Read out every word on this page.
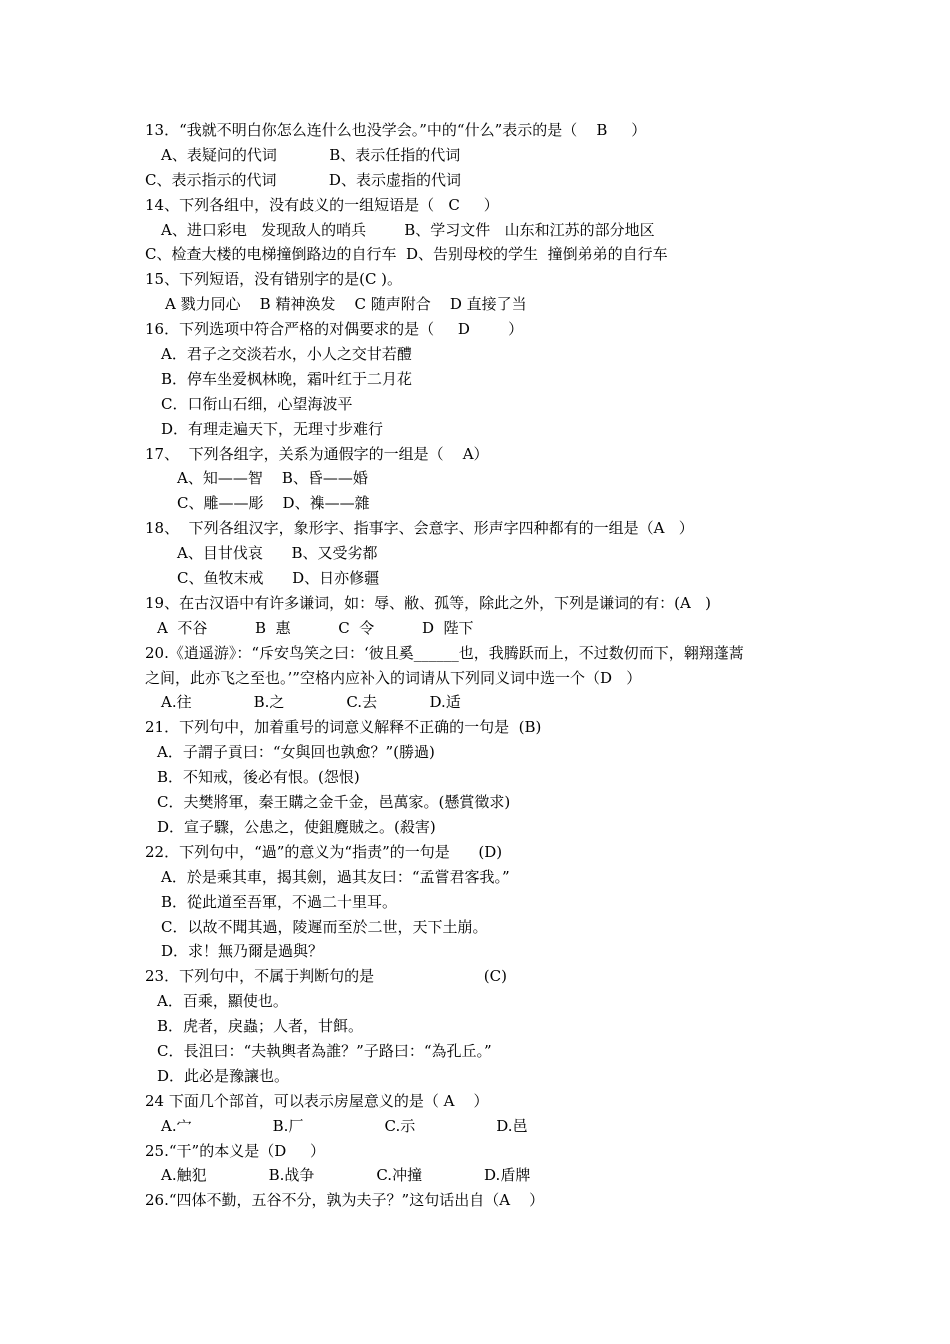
13．“我就不明白你怎么连什么也没学会。”中的“什么”表示的是（    B     ）
A、表疑问的代词           B、表示任指的代词
C、表示指示的代词           D、表示虚指的代词
14、下列各组中，没有歧义的一组短语是（   C     ）
A、进口彩电   发现敌人的哨兵        B、学习文件   山东和江苏的部分地区
C、检查大楼的电梯撞倒路边的自行车  D、告别母校的学生  撞倒弟弟的自行车
15、下列短语，没有错别字的是(C )。
A 戮力同心    B 精神涣发    C 随声附合    D 直接了当
16．下列选项中符合严格的对偶要求的是（     D        ）
A．君子之交淡若水，小人之交甘若醴
B．停车坐爱枫林晚，霜叶红于二月花
C．口衔山石细，心望海波平
D．有理走遍天下，无理寸步难行
17、  下列各组字，关系为通假字的一组是（    A）
A、知——智    B、昏——婚
C、雕——彫    D、襍——雜
18、  下列各组汉字，象形字、指事字、会意字、形声字四种都有的一组是（A   ）
A、目甘伐哀      B、又受劣都
C、鱼牧末戒      D、日亦修疆
19、在古汉语中有许多谦词，如：辱、敝、孤等，除此之外，下列是谦词的有：(A   )
A  不谷          B  惠          C  令          D  陛下
20.《逍遥游》：“斥安鸟笑之曰：‘彼且奚______也，我腾跃而上，不过数仞而下，翱翔蓬蒿
之间，此亦飞之至也。’”空格内应补入的词请从下列同义词中选一个（D   ）
A.往             B.之             C.去           D.适
21．下列句中，加着重号的词意义解释不正确的一句是  (B)
A．子謂子貢曰：“女與回也孰愈？”(勝過)
B．不知戒，後必有恨。(怨恨)
C．夫樊將軍，秦王購之金千金，邑萬家。(懸賞徵求)
D．宣子驟，公患之，使鉏麑賊之。(殺害)
22．下列句中，“過”的意义为“指责”的一句是      (D)
A．於是乘其車，揭其劍，過其友曰：“孟嘗君客我。”
B．從此道至吾軍，不過二十里耳。
C．以故不聞其過，陵遲而至於二世，天下土崩。
D．求！無乃爾是過與？
23．下列句中，不属于判断句的是                       (C)
A．百乘，顯使也。
B．虎者，戾蟲；人者，甘餌。
C．長沮曰：“夫執輿者為誰？”子路曰：“為孔丘。”
D．此必是豫讓也。
24 下面几个部首，可以表示房屋意义的是（ A    ）
A.宀                 B.厂                 C.示                 D.邑
25.“干”的本义是（D     ）
A.触犯             B.战争             C.冲撞             D.盾牌
26.“四体不勤，五谷不分，孰为夫子？”这句话出自（A    ）
